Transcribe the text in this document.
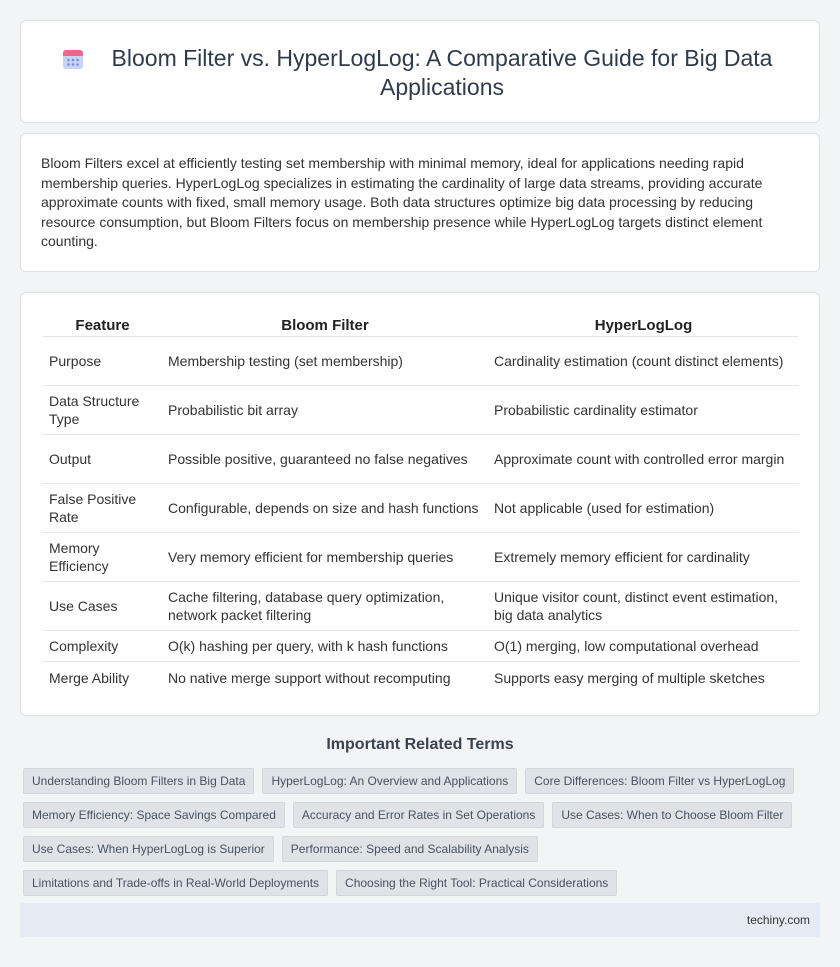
Bloom Filter vs. HyperLogLog: A Comparative Guide for Big Data Applications

Bloom Filters excel at efficiently testing set membership with minimal memory, ideal for applications needing rapid membership queries. HyperLogLog specializes in estimating the cardinality of large data streams, providing accurate approximate counts with fixed, small memory usage. Both data structures optimize big data processing by reducing resource consumption, but Bloom Filters focus on membership presence while HyperLogLog targets distinct element counting.

Feature	Bloom Filter	HyperLogLog
Purpose	Membership testing (set membership)	Cardinality estimation (count distinct elements)
Data Structure Type	Probabilistic bit array	Probabilistic cardinality estimator
Output	Possible positive, guaranteed no false negatives	Approximate count with controlled error margin
False Positive Rate	Configurable, depends on size and hash functions	Not applicable (used for estimation)
Memory Efficiency	Very memory efficient for membership queries	Extremely memory efficient for cardinality
Use Cases	Cache filtering, database query optimization, network packet filtering	Unique visitor count, distinct event estimation, big data analytics
Complexity	O(k) hashing per query, with k hash functions	O(1) merging, low computational overhead
Merge Ability	No native merge support without recomputing	Supports easy merging of multiple sketches
Important Related Terms
Understanding Bloom Filters in Big Data	HyperLogLog: An Overview and Applications	Core Differences: Bloom Filter vs HyperLogLog
Memory Efficiency: Space Savings Compared	Accuracy and Error Rates in Set Operations	Use Cases: When to Choose Bloom Filter
Use Cases: When HyperLogLog is Superior	Performance: Speed and Scalability Analysis
Limitations and Trade-offs in Real-World Deployments	Choosing the Right Tool: Practical Considerations
techiny.com
